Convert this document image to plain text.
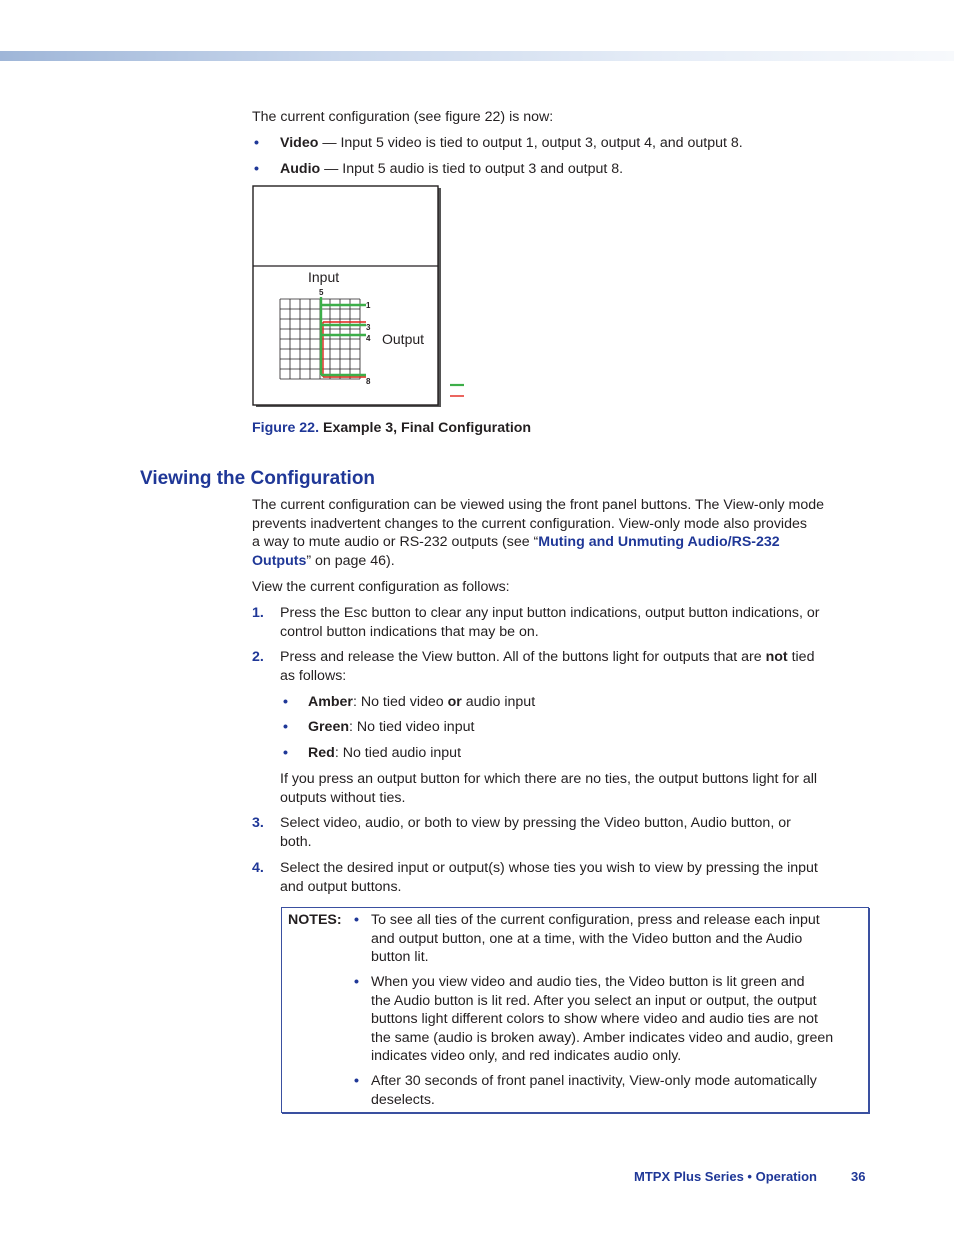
The current configuration (see figure 22) is now:
• Video — Input 5 video is tied to output 1, output 3, output 4, and output 8.
• Audio — Input 5 audio is tied to output 3 and output 8.
Input
5
1
3
4
8
Output
Figure 22. Example 3, Final Configuration
Viewing the Configuration
The current configuration can be viewed using the front panel buttons. The View-only mode
prevents inadvertent changes to the current configuration. View-only mode also provides
a way to mute audio or RS-232 outputs (see “Muting and Unmuting Audio/RS-232
Outputs” on page 46).
View the current configuration as follows:
1. Press the Esc button to clear any input button indications, output button indications, or
control button indications that may be on.
2. Press and release the View button. All of the buttons light for outputs that are not tied
as follows:
• Amber: No tied video or audio input
• Green: No tied video input
• Red: No tied audio input
If you press an output button for which there are no ties, the output buttons light for all
outputs without ties.
3. Select video, audio, or both to view by pressing the Video button, Audio button, or
both.
4. Select the desired input or output(s) whose ties you wish to view by pressing the input
and output buttons.
NOTES: • To see all ties of the current configuration, press and release each input
and output button, one at a time, with the Video button and the Audio
button lit.
• When you view video and audio ties, the Video button is lit green and
the Audio button is lit red. After you select an input or output, the output
buttons light different colors to show where video and audio ties are not
the same (audio is broken away). Amber indicates video and audio, green
indicates video only, and red indicates audio only.
• After 30 seconds of front panel inactivity, View-only mode automatically
deselects.
MTPX Plus Series • Operation	36
